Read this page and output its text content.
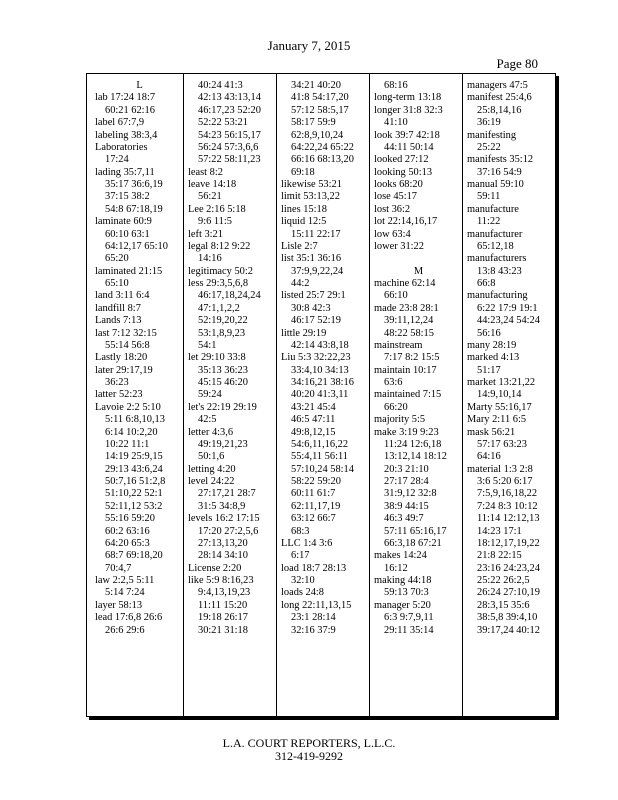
January 7, 2015
Page 80
L
lab 17:24 18:7
60:21 62:16
label 67:7,9
labeling 38:3,4
Laboratories
17:24
lading 35:7,11
35:17 36:6,19
37:15 38:2
54:8 67:18,19
laminate 60:9
60:10 63:1
64:12,17 65:10
65:20
laminated 21:15
65:10
land 3:11 6:4
landfill 8:7
Lands 7:13
last 7:12 32:15
55:14 56:8
Lastly 18:20
later 29:17,19
36:23
latter 52:23
Lavoie 2:2 5:10
5:11 6:8,10,13
6:14 10:2,20
10:22 11:1
14:19 25:9,15
29:13 43:6,24
50:7,16 51:2,8
51:10,22 52:1
52:11,12 53:2
55:16 59:20
60:2 63:16
64:20 65:3
68:7 69:18,20
70:4,7
law 2:2,5 5:11
5:14 7:24
layer 58:13
lead 17:6,8 26:6
26:6 29:6
40:24 41:3
42:13 43:13,14
46:17,23 52:20
52:22 53:21
54:23 56:15,17
56:24 57:3,6,6
57:22 58:11,23
least 8:2
leave 14:18
56:21
Lee 2:16 5:18
9:6 11:5
left 3:21
legal 8:12 9:22
14:16
legitimacy 50:2
less 29:3,5,6,8
46:17,18,24,24
47:1,1,2,2
52:19,20,22
53:1,8,9,23
54:1
let 29:10 33:8
35:13 36:23
45:15 46:20
59:24
let's 22:19 29:19
42:5
letter 4:3,6
49:19,21,23
50:1,6
letting 4:20
level 24:22
27:17,21 28:7
31:5 34:8,9
levels 16:2 17:15
17:20 27:2,5,6
27:13,13,20
28:14 34:10
License 2:20
like 5:9 8:16,23
9:4,13,19,23
11:11 15:20
19:18 26:17
30:21 31:18
34:21 40:20
41:8 54:17,20
57:12 58:5,17
58:17 59:9
62:8,9,10,24
64:22,24 65:22
66:16 68:13,20
69:18
likewise 53:21
limit 53:13,22
lines 15:18
liquid 12:5
15:11 22:17
Lisle 2:7
list 35:1 36:16
37:9,9,22,24
44:2
listed 25:7 29:1
30:8 42:3
46:17 52:19
little 29:19
42:14 43:8,18
Liu 5:3 32:22,23
33:4,10 34:13
34:16,21 38:16
40:20 41:3,11
43:21 45:4
46:5 47:11
49:8,12,15
54:6,11,16,22
55:4,11 56:11
57:10,24 58:14
58:22 59:20
60:11 61:7
62:11,17,19
63:12 66:7
68:3
LLC 1:4 3:6
6:17
load 18:7 28:13
32:10
loads 24:8
long 22:11,13,15
23:1 28:14
32:16 37:9
68:16
long-term 13:18
longer 31:8 32:3
41:10
look 39:7 42:18
44:11 50:14
looked 27:12
looking 50:13
looks 68:20
lose 45:17
lost 36:2
lot 22:14,16,17
low 63:4
lower 31:22
M
machine 62:14
66:10
made 23:8 28:1
39:11,12,24
48:22 58:15
mainstream
7:17 8:2 15:5
maintain 10:17
63:6
maintained 7:15
66:20
majority 5:5
make 3:19 9:23
11:24 12:6,18
13:12,14 18:12
20:3 21:10
27:17 28:4
31:9,12 32:8
38:9 44:15
46:3 49:7
57:11 65:16,17
66:3,18 67:21
makes 14:24
16:12
making 44:18
59:13 70:3
manager 5:20
6:3 9:7,9,11
29:11 35:14
managers 47:5
manifest 25:4,6
25:8,14,16
36:19
manifesting
25:22
manifests 35:12
37:16 54:9
manual 59:10
59:11
manufacture
11:22
manufacturer
65:12,18
manufacturers
13:8 43:23
66:8
manufacturing
6:22 17:9 19:1
44:23,24 54:24
56:16
many 28:19
marked 4:13
51:17
market 13:21,22
14:9,10,14
Marty 55:16,17
Mary 2:11 6:5
mask 56:21
57:17 63:23
64:16
material 1:3 2:8
3:6 5:20 6:17
7:5,9,16,18,22
7:24 8:3 10:12
11:14 12:12,13
14:23 17:1
18:12,17,19,22
21:8 22:15
23:16 24:23,24
25:22 26:2,5
26:24 27:10,19
28:3,15 35:6
38:5,8 39:4,10
39:17,24 40:12
L.A. COURT REPORTERS, L.L.C.
312-419-9292
